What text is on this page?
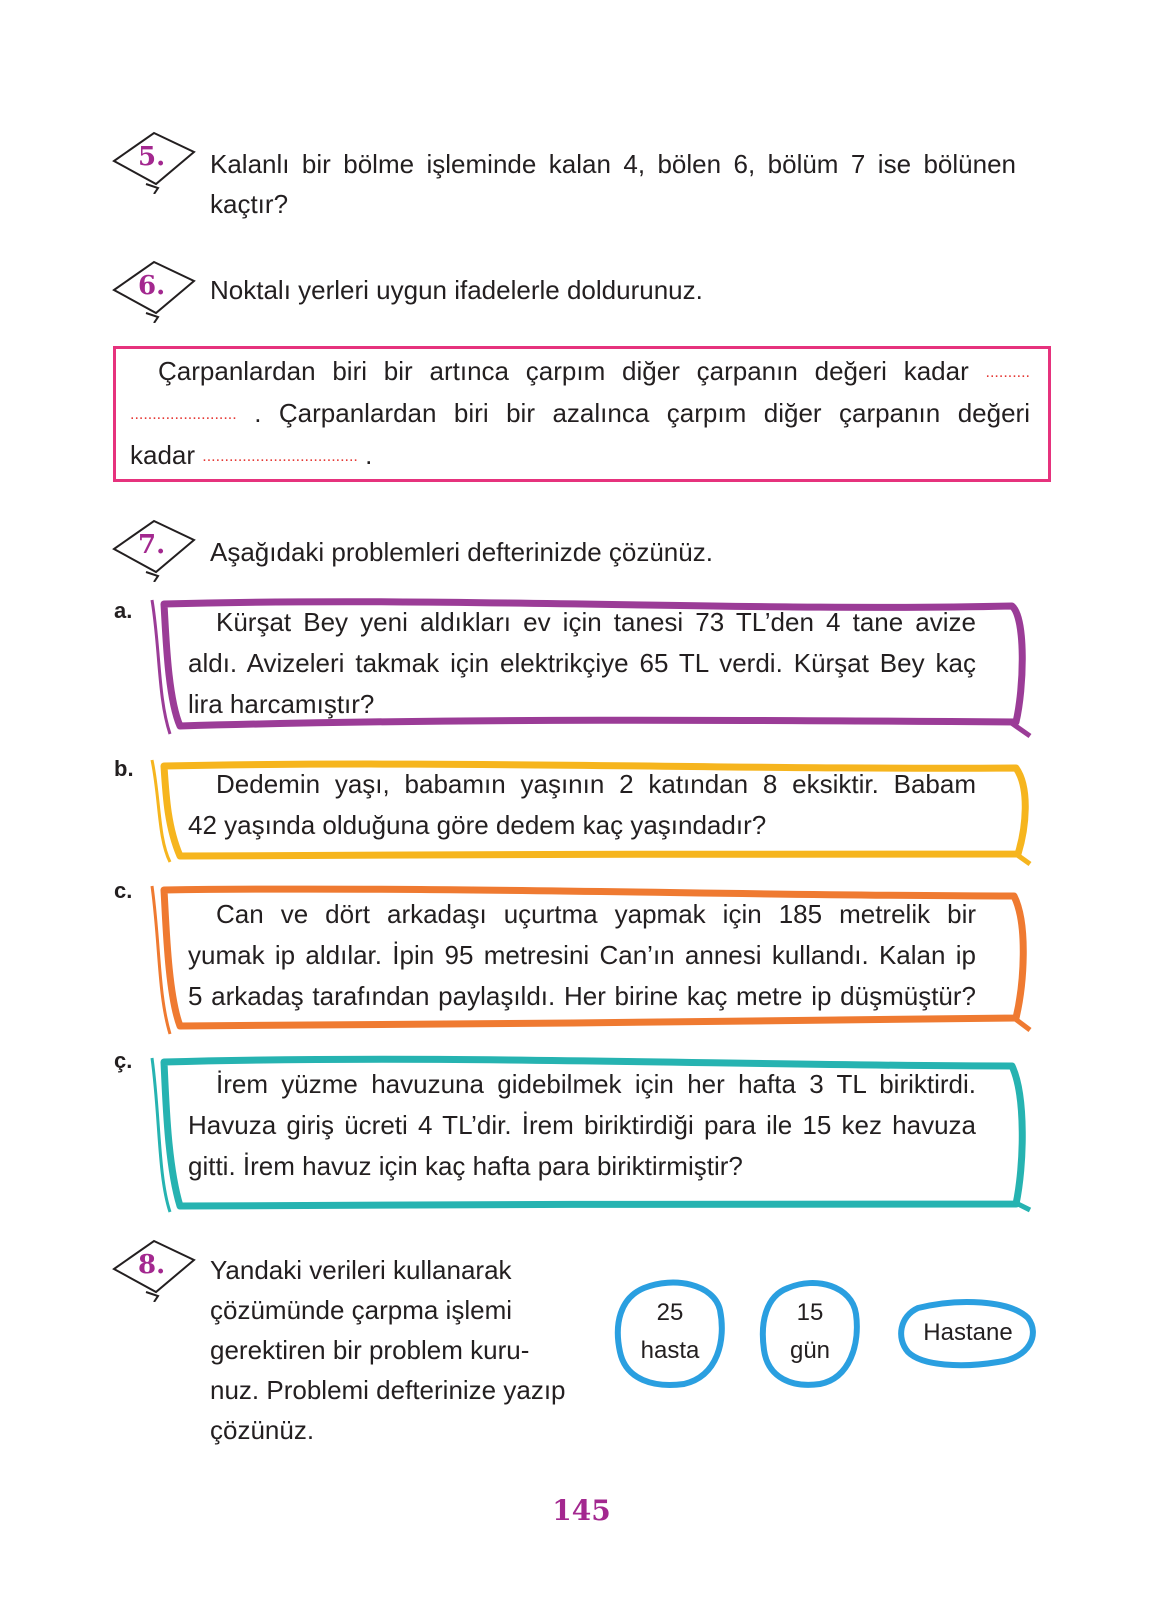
5. Kalanlı bir bölme işleminde kalan 4, bölen 6, bölüm 7 ise bölünen
kaçtır?
6. Noktalı yerleri uygun ifadelerle doldurunuz.

Çarpanlardan biri bir artınca çarpım diğer çarpanın değeri kadar ..........

........................ . Çarpanlardan biri bir azalınca çarpım diğer çarpanın değeri

kadar ................................... .

7. Aşağıdaki problemleri defterinizde çözünüz.
a.	Kürşat Bey yeni aldıkları ev için tanesi 73 TL’den 4 tane avize
aldı. Avizeleri takmak için elektrikçiye 65 TL verdi. Kürşat Bey kaç
lira harcamıştır?
b.
Dedemin yaşı, babamın yaşının 2 katından 8 eksiktir. Babam
42 yaşında olduğuna göre dedem kaç yaşındadır?
c.
Can ve dört arkadaşı uçurtma yapmak için 185 metrelik bir
yumak ip aldılar. İpin 95 metresini Can’ın annesi kullandı. Kalan ip
5 arkadaş tarafından paylaşıldı. Her birine kaç metre ip düşmüştür?
ç.
İrem yüzme havuzuna gidebilmek için her hafta 3 TL biriktirdi.
Havuza giriş ücreti 4 TL’dir. İrem biriktirdiği para ile 15 kez havuza
gitti. İrem havuz için kaç hafta para biriktirmiştir?
8. Yandaki verileri kullanarak
çözümünde çarpma işlemi
gerektiren bir problem kuru-
nuz. Problemi defterinize yazıp
çözünüz.
25
hasta
15
gün
Hastane
145
